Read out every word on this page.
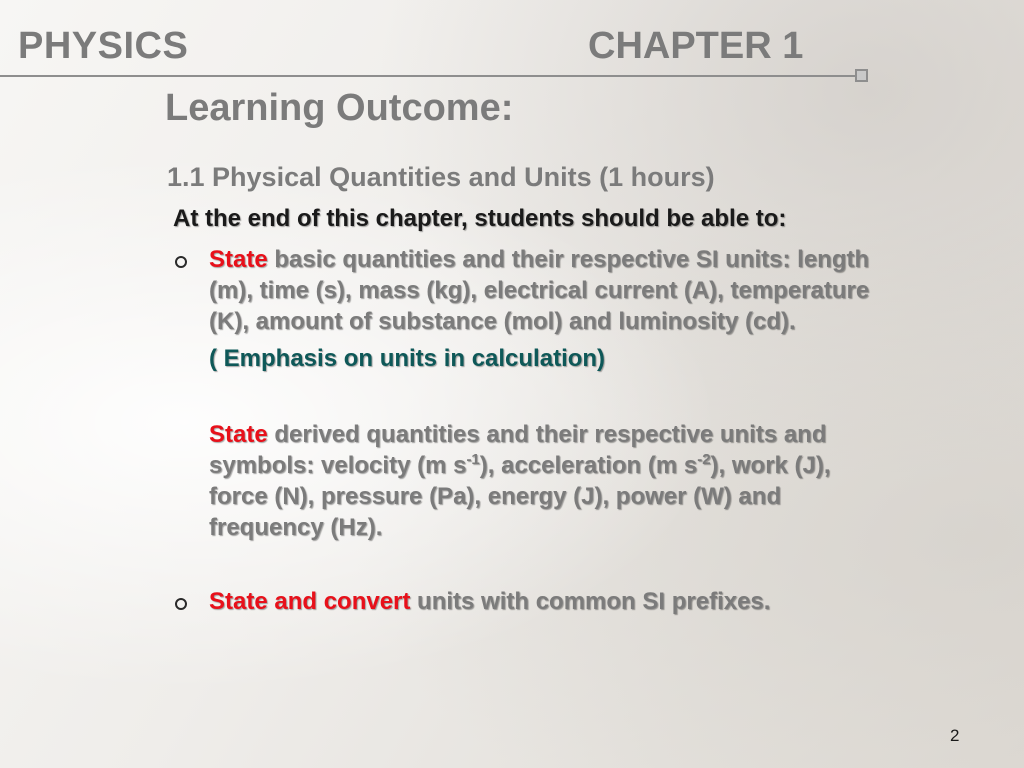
PHYSICS	CHAPTER 1
Learning Outcome:
1.1 Physical Quantities and Units (1 hours)
At the end of this chapter, students should be able to:
State basic quantities and their respective SI units: length
(m), time (s), mass (kg), electrical current (A), temperature
(K), amount of substance (mol) and luminosity (cd).
( Emphasis on units in calculation)
State derived quantities and their respective units and
symbols: velocity (m $s^{-1}$), acceleration (m $s^{-2}$), work (J),
force (N), pressure (Pa), energy (J), power (W) and
frequency (Hz).
State and convert units with common SI prefixes.
2
